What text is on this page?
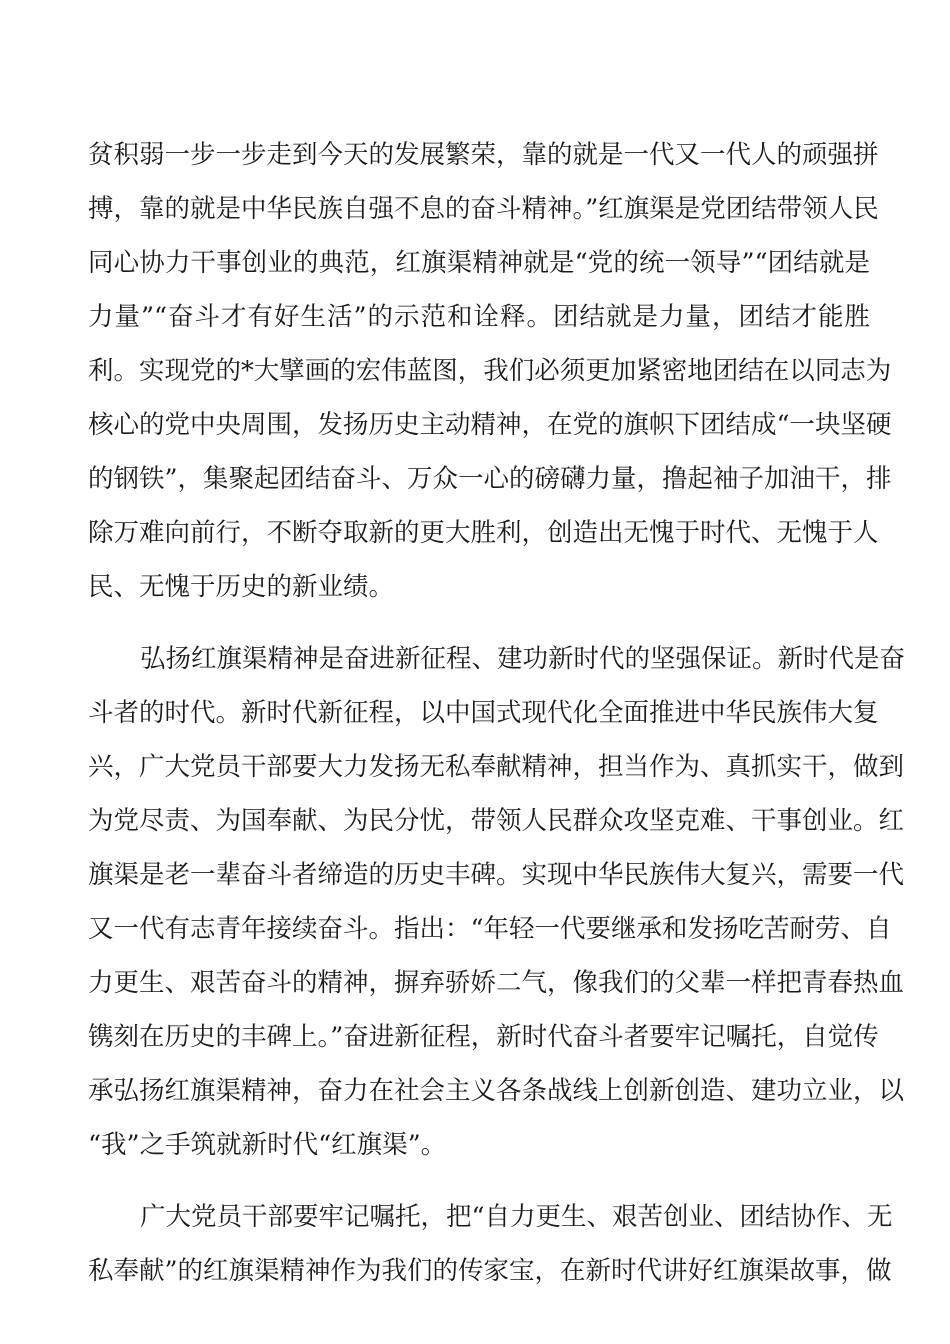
贫积弱一步一步走到今天的发展繁荣，靠的就是一代又一代人的顽强拼
搏，靠的就是中华民族自强不息的奋斗精神。”红旗渠是党团结带领人民
同心协力干事创业的典范，红旗渠精神就是“党的统一领导”“团结就是
力量”“奋斗才有好生活”的示范和诠释。团结就是力量，团结才能胜
利。实现党的*大擘画的宏伟蓝图，我们必须更加紧密地团结在以同志为
核心的党中央周围，发扬历史主动精神，在党的旗帜下团结成“一块坚硬
的钢铁”，集聚起团结奋斗、万众一心的磅礴力量，撸起袖子加油干，排
除万难向前行，不断夺取新的更大胜利，创造出无愧于时代、无愧于人
民、无愧于历史的新业绩。
弘扬红旗渠精神是奋进新征程、建功新时代的坚强保证。新时代是奋
斗者的时代。新时代新征程，以中国式现代化全面推进中华民族伟大复
兴，广大党员干部要大力发扬无私奉献精神，担当作为、真抓实干，做到
为党尽责、为国奉献、为民分忧，带领人民群众攻坚克难、干事创业。红
旗渠是老一辈奋斗者缔造的历史丰碑。实现中华民族伟大复兴，需要一代
又一代有志青年接续奋斗。指出：“年轻一代要继承和发扬吃苦耐劳、自
力更生、艰苦奋斗的精神，摒弃骄娇二气，像我们的父辈一样把青春热血
镌刻在历史的丰碑上。”奋进新征程，新时代奋斗者要牢记嘱托，自觉传
承弘扬红旗渠精神，奋力在社会主义各条战线上创新创造、建功立业，以
“我”之手筑就新时代“红旗渠”。
广大党员干部要牢记嘱托，把“自力更生、艰苦创业、团结协作、无
私奉献”的红旗渠精神作为我们的传家宝，在新时代讲好红旗渠故事，做
